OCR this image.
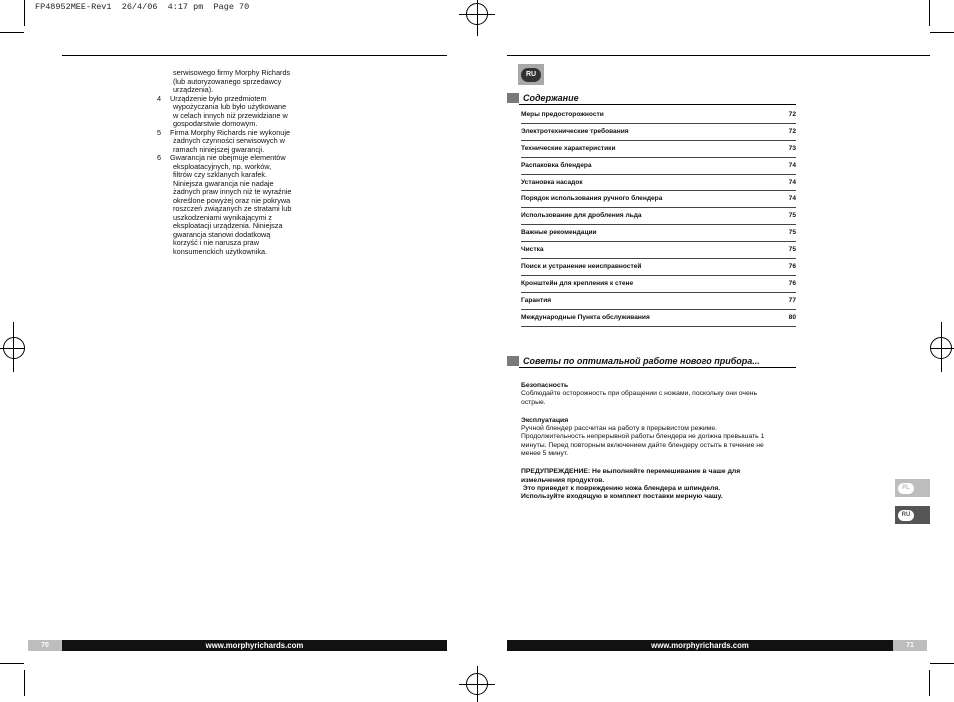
FP48952MEE-Rev1  26/4/06  4:17 pm  Page 70
serwisowego firmy Morphy Richards
(lub autoryzowanego sprzedawcy
urządzenia).
4	Urządzenie było przedmiotem
wypożyczania lub było użytkowane
w celach innych niż przewidziane w
gospodarstwie domowym.
5	Firma Morphy Richards nie wykonuje
żadnych czynności serwisowych w
ramach niniejszej gwarancji.
6	Gwarancja nie obejmuje elementów
eksploatacyjnych, np. worków,
filtrów czy szklanych karafek.
Niniejsza gwarancja nie nadaje
żadnych praw innych niż te wyraźnie
określone powyżej oraz nie pokrywa
roszczeń związanych ze stratami lub
uszkodzeniami wynikającymi z
eksploatacji urządzenia. Niniejsza
gwarancja stanowi dodatkową
korzyść i nie narusza praw
konsumenckich użytkownika.
70	www.morphyrichards.com
RU
Содержание
Меры предосторожности	72
Электротехнические требования	72
Технические характеристики	73
Распаковка блендера	74
Установка насадок	74
Порядок использования ручного блендера	74
Использование для дробления льда	75
Важные рекомендации	75
Чистка	75
Поиск и устранение неисправностей	76
Кронштейн для крепления к стене	76
Гарантия	77
Международные Пункта обслуживания	80
Советы по оптимальной работе нового прибора...
Безопасность
Соблюдайте осторожность при обращении с ножами, поскольку они очень
острые.
Эксплуатация
Ручной блендер рассчитан на работу в прерывистом режиме.
Продолжительность непрерывной работы блендера не должна превышать 1
минуты. Перед повторным включением дайте блендеру остыть в течение не
менее 5 минут.
ПРЕДУПРЕЖДЕНИЕ: Не выполняйте перемешивание в чаше для
измельчения продуктов.
Это приведет к повреждению ножа блендера и шпинделя.
Используйте входящую в комплект поставки мерную чашу.
PL
RU
www.morphyrichards.com	71
